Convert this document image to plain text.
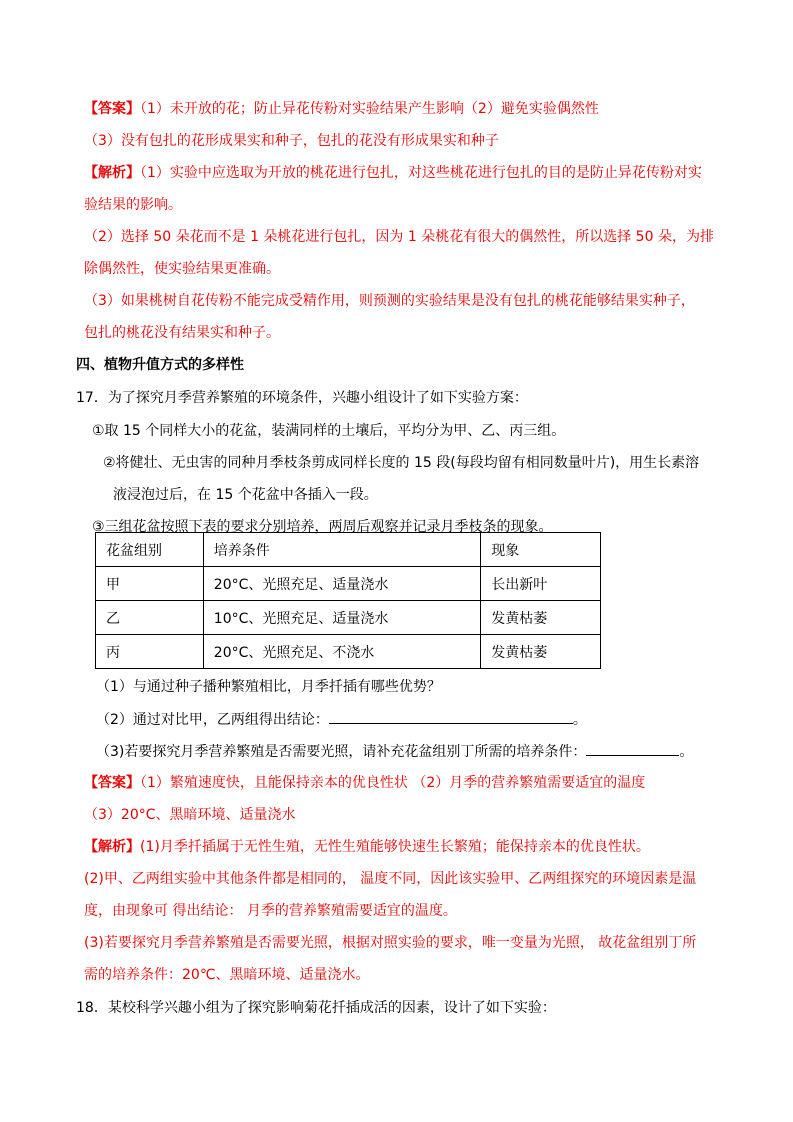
【答案】（1）未开放的花；防止异花传粉对实验结果产生影响（2）避免实验偶然性
（3）没有包扎的花形成果实和种子，包扎的花没有形成果实和种子
【解析】（1）实验中应选取为开放的桃花进行包扎，对这些桃花进行包扎的目的是防止异花传粉对实
验结果的影响。
（2）选择 50 朵花而不是 1 朵桃花进行包扎，因为 1 朵桃花有很大的偶然性，所以选择 50 朵，为排
除偶然性，使实验结果更准确。
（3）如果桃树自花传粉不能完成受精作用，则预测的实验结果是没有包扎的桃花能够结果实种子，
包扎的桃花没有结果实和种子。
四、植物升值方式的多样性
17．为了探究月季营养繁殖的环境条件，兴趣小组设计了如下实验方案：
①取 15 个同样大小的花盆，装满同样的土壤后，平均分为甲、乙、丙三组。
②将健壮、无虫害的同种月季枝条剪成同样长度的 15 段(每段均留有相同数量叶片)，用生长素溶
液浸泡过后，在 15 个花盆中各插入一段。
③三组花盆按照下表的要求分别培养，两周后观察并记录月季枝条的现象。
花盆组别	培养条件	现象
甲	20°C、光照充足、适量浇水	长出新叶
乙	10°C、光照充足、适量浇水	发黄枯萎
丙	20°C、光照充足、不浇水	发黄枯萎
（1）与通过种子播种繁殖相比，月季扦插有哪些优势？
（2）通过对比甲，乙两组得出结论：	。
（3)若要探究月季营养繁殖是否需要光照，请补充花盆组别丁所需的培养条件：	。
【答案】（1）繁殖速度快，且能保持亲本的优良性状 （2）月季的营养繁殖需要适宜的温度
（3）20°C、黑暗环境、适量浇水
【解析】(1)月季扦插属于无性生殖，无性生殖能够快速生长繁殖；能保持亲本的优良性状。
(2)甲、乙两组实验中其他条件都是相同的， 温度不同，因此该实验甲、乙两组探究的环境因素是温
度，由现象可 得出结论： 月季的营养繁殖需要适宜的温度。
(3)若要探究月季营养繁殖是否需要光照，根据对照实验的要求，唯一变量为光照， 故花盆组别丁所
需的培养条件：20℃、黑暗环境、适量浇水。
18．某校科学兴趣小组为了探究影响菊花扦插成活的因素，设计了如下实验：
